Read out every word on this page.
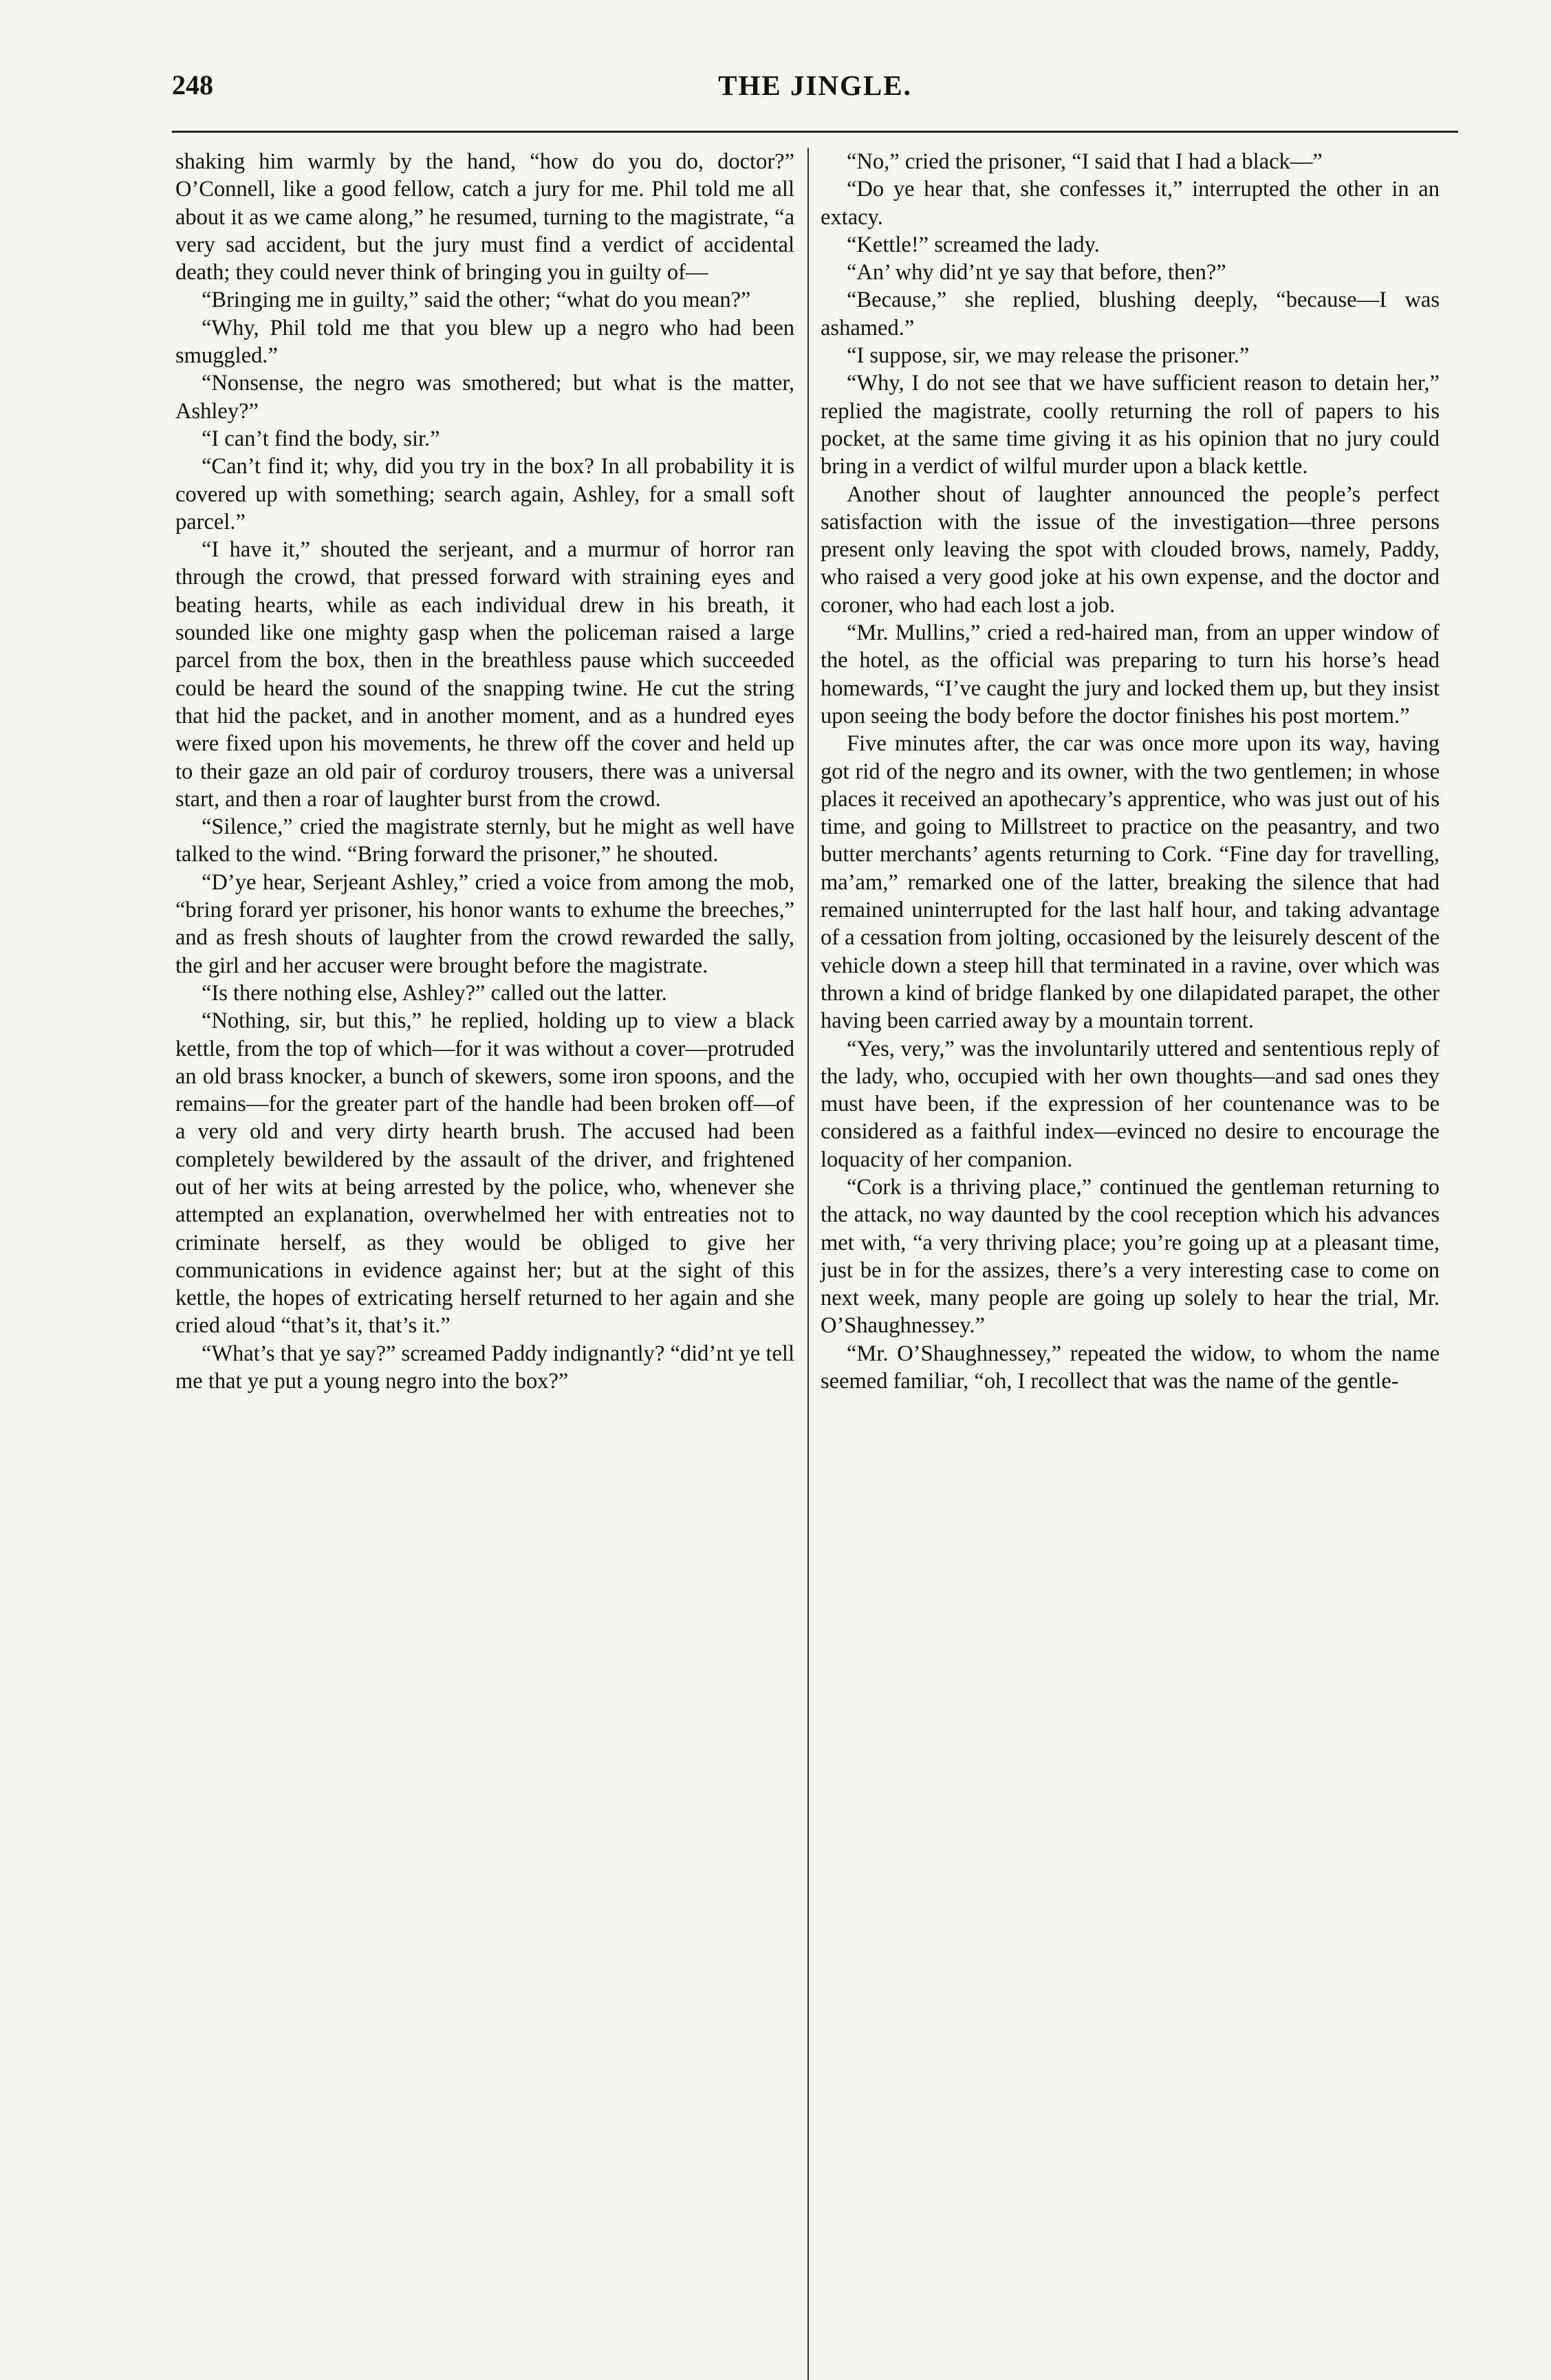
248	THE JINGLE.

shaking him warmly by the hand, “how do you do, doctor?” O’Connell, like a good fellow, catch a jury for me. Phil told me all about it as we came along,” he resumed, turning to the magistrate, “a very sad accident, but the jury must find a verdict of accidental death; they could never think of bringing you in guilty of—

“Bringing me in guilty,” said the other; “what do you mean?”

“Why, Phil told me that you blew up a negro who had been smuggled.”

“Nonsense, the negro was smothered; but what is the matter, Ashley?”

“I can’t find the body, sir.”

“Can’t find it; why, did you try in the box? In all probability it is covered up with something; search again, Ashley, for a small soft parcel.”

“I have it,” shouted the serjeant, and a murmur of horror ran through the crowd, that pressed forward with straining eyes and beating hearts, while as each individual drew in his breath, it sounded like one mighty gasp when the policeman raised a large parcel from the box, then in the breathless pause which succeeded could be heard the sound of the snapping twine. He cut the string that hid the packet, and in another moment, and as a hundred eyes were fixed upon his movements, he threw off the cover and held up to their gaze an old pair of corduroy trousers, there was a universal start, and then a roar of laughter burst from the crowd.

“Silence,” cried the magistrate sternly, but he might as well have talked to the wind. “Bring forward the prisoner,” he shouted.

“D’ye hear, Serjeant Ashley,” cried a voice from among the mob, “bring forard yer prisoner, his honor wants to exhume the breeches,” and as fresh shouts of laughter from the crowd rewarded the sally, the girl and her accuser were brought before the magistrate.

“Is there nothing else, Ashley?” called out the latter.

“Nothing, sir, but this,” he replied, holding up to view a black kettle, from the top of which—for it was without a cover—protruded an old brass knocker, a bunch of skewers, some iron spoons, and the remains—for the greater part of the handle had been broken off—of a very old and very dirty hearth brush. The accused had been completely bewildered by the assault of the driver, and frightened out of her wits at being arrested by the police, who, whenever she attempted an explanation, overwhelmed her with entreaties not to criminate herself, as they would be obliged to give her communications in evidence against her; but at the sight of this kettle, the hopes of extricating herself returned to her again and she cried aloud “that’s it, that’s it.”

“What’s that ye say?” screamed Paddy indignantly? “did’nt ye tell me that ye put a young negro into the box?”

“No,” cried the prisoner, “I said that I had a black—”

“Do ye hear that, she confesses it,” interrupted the other in an extacy.

“Kettle!” screamed the lady.

“An’ why did’nt ye say that before, then?”

“Because,” she replied, blushing deeply, “because—I was ashamed.”

“I suppose, sir, we may release the prisoner.”

“Why, I do not see that we have sufficient reason to detain her,” replied the magistrate, coolly returning the roll of papers to his pocket, at the same time giving it as his opinion that no jury could bring in a verdict of wilful murder upon a black kettle.

Another shout of laughter announced the people’s perfect satisfaction with the issue of the investigation—three persons present only leaving the spot with clouded brows, namely, Paddy, who raised a very good joke at his own expense, and the doctor and coroner, who had each lost a job.

“Mr. Mullins,” cried a red-haired man, from an upper window of the hotel, as the official was preparing to turn his horse’s head homewards, “I’ve caught the jury and locked them up, but they insist upon seeing the body before the doctor finishes his post mortem.”

Five minutes after, the car was once more upon its way, having got rid of the negro and its owner, with the two gentlemen; in whose places it received an apothecary’s apprentice, who was just out of his time, and going to Millstreet to practice on the peasantry, and two butter merchants’ agents returning to Cork. “Fine day for travelling, ma’am,” remarked one of the latter, breaking the silence that had remained uninterrupted for the last half hour, and taking advantage of a cessation from jolting, occasioned by the leisurely descent of the vehicle down a steep hill that terminated in a ravine, over which was thrown a kind of bridge flanked by one dilapidated parapet, the other having been carried away by a mountain torrent.

“Yes, very,” was the involuntarily uttered and sententious reply of the lady, who, occupied with her own thoughts—and sad ones they must have been, if the expression of her countenance was to be considered as a faithful index—evinced no desire to encourage the loquacity of her companion.

“Cork is a thriving place,” continued the gentleman returning to the attack, no way daunted by the cool reception which his advances met with, “a very thriving place; you’re going up at a pleasant time, just be in for the assizes, there’s a very interesting case to come on next week, many people are going up solely to hear the trial, Mr. O’Shaughnessey.”

“Mr. O’Shaughnessey,” repeated the widow, to whom the name seemed familiar, “oh, I recollect that was the name of the gentle-
